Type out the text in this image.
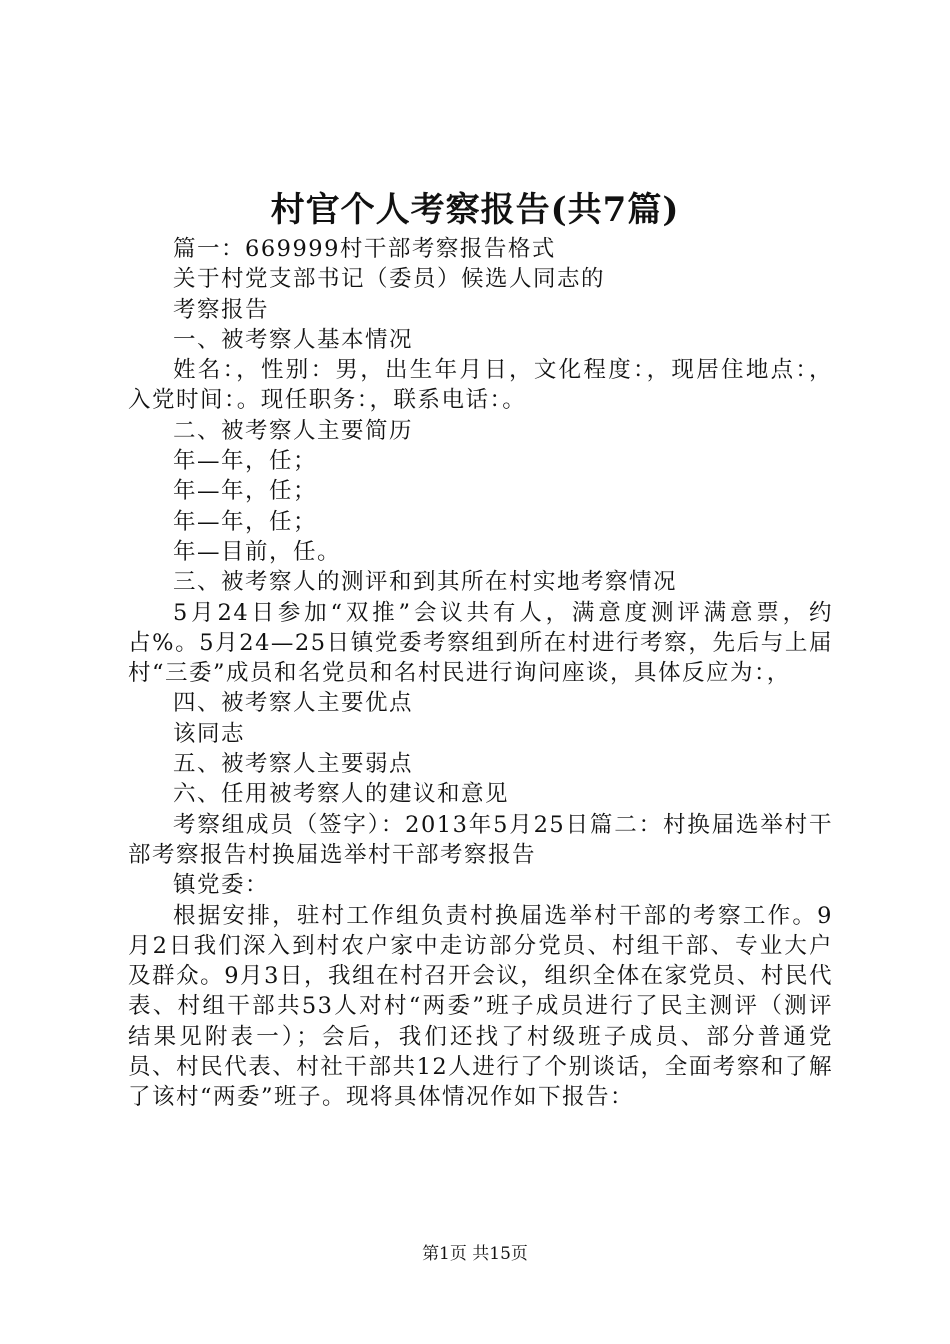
村官个人考察报告(共7篇)

篇一：669999村干部考察报告格式

关于村党支部书记（委员）候选人同志的

考察报告

一、被考察人基本情况

姓名：，性别：男，出生年月日，文化程度：，现居住地点：，入党时间：。现任职务：，联系电话：。

二、被考察人主要简历

年—年，任；

年—年，任；

年—年，任；

年—目前，任。

三、被考察人的测评和到其所在村实地考察情况

5月24日参加“双推”会议共有人，满意度测评满意票，约占%。5月24—25日镇党委考察组到所在村进行考察，先后与上届村“三委”成员和名党员和名村民进行询问座谈，具体反应为：，

四、被考察人主要优点

该同志

五、被考察人主要弱点

六、任用被考察人的建议和意见

考察组成员（签字）：2013年5月25日篇二：村换届选举村干部考察报告村换届选举村干部考察报告

镇党委：

根据安排，驻村工作组负责村换届选举村干部的考察工作。9月2日我们深入到村农户家中走访部分党员、村组干部、专业大户及群众。9月3日，我组在村召开会议，组织全体在家党员、村民代表、村组干部共53人对村“两委”班子成员进行了民主测评（测评结果见附表一）；会后，我们还找了村级班子成员、部分普通党员、村民代表、村社干部共12人进行了个别谈话，全面考察和了解了该村“两委”班子。现将具体情况作如下报告：

第1页 共15页
